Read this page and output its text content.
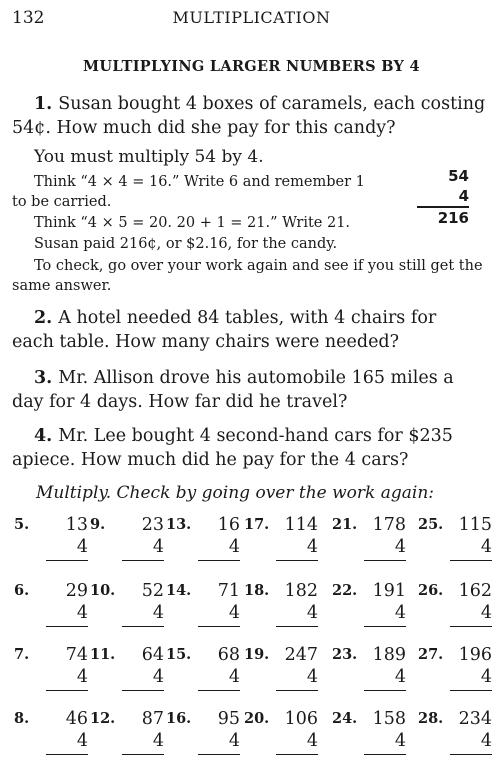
132	MULTIPLICATION
MULTIPLYING LARGER NUMBERS BY 4
1. Susan bought 4 boxes of caramels, each costing
54¢. How much did she pay for this candy?
You must multiply 54 by 4.
Think “4 × 4 = 16.” Write 6 and remember 1
to be carried.
Think “4 × 5 = 20. 20 + 1 = 21.” Write 21.
Susan paid 216¢, or $2.16, for the candy.
To check, go over your work again and see if you still get the
same answer.
54
4
216
2. A hotel needed 84 tables, with 4 chairs for
each table. How many chairs were needed?
3. Mr. Allison drove his automobile 165 miles a
day for 4 days. How far did he travel?
4. Mr. Lee bought 4 second-hand cars for $235
apiece. How much did he pay for the 4 cars?
Multiply. Check by going over the work again:
5. 13
4
9. 23
4
13. 16
4
17. 114
4
21. 178
4
25. 115
4
6. 29
4
10. 52
4
14. 71
4
18. 182
4
22. 191
4
26. 162
4
7. 74
4
11. 64
4
15. 68
4
19. 247
4
23. 189
4
27. 196
4
8. 46
4
12. 87
4
16. 95
4
20. 106
4
24. 158
4
28. 234
4
